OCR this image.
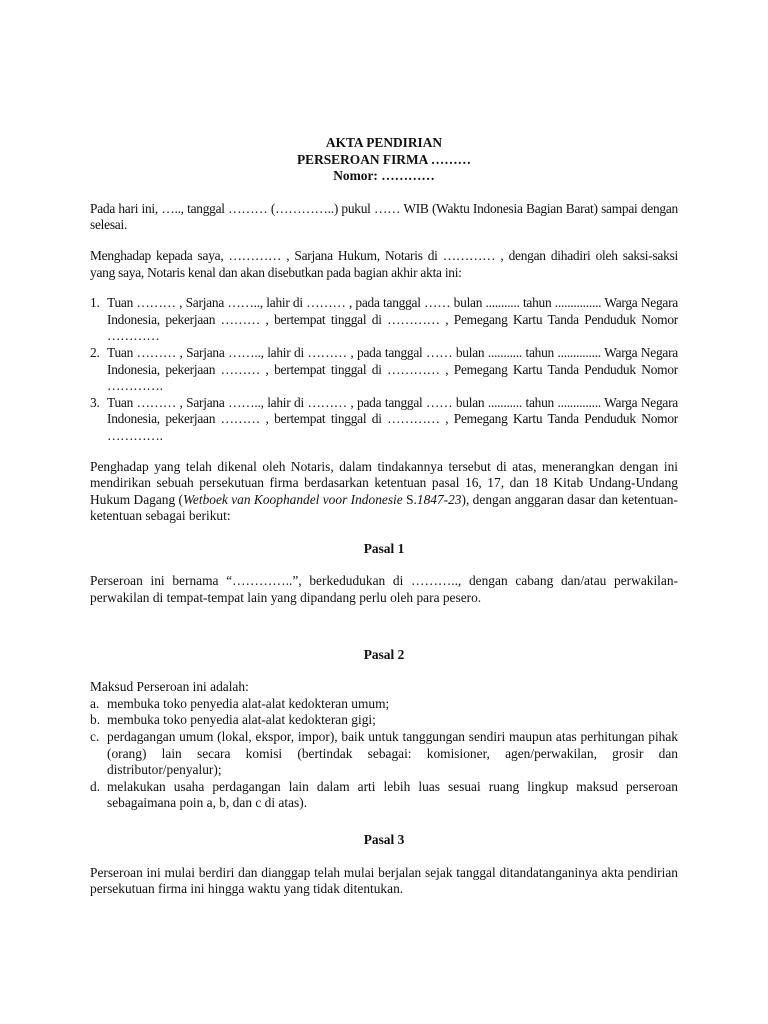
AKTA PENDIRIAN
PERSEROAN FIRMA ………
Nomor: …………
Pada hari ini, ….., tanggal ……… (…………..) pukul …… WIB (Waktu Indonesia Bagian Barat) sampai dengan selesai.
Menghadap kepada saya, ………… , Sarjana Hukum, Notaris di ………… , dengan dihadiri oleh saksi-saksi yang saya, Notaris kenal dan akan disebutkan pada bagian akhir akta ini:
1. Tuan ……… , Sarjana …….., lahir di ……… , pada tanggal …… bulan ........... tahun ............... Warga Negara Indonesia, pekerjaan ……… , bertempat tinggal di ………… , Pemegang Kartu Tanda Penduduk Nomor …………
2. Tuan ……… , Sarjana …….., lahir di ……… , pada tanggal …… bulan ........... tahun .............. Warga Negara Indonesia, pekerjaan ……… , bertempat tinggal di ………… , Pemegang Kartu Tanda Penduduk Nomor ………….
3. Tuan ……… , Sarjana …….., lahir di ……… , pada tanggal …… bulan ........... tahun .............. Warga Negara Indonesia, pekerjaan ……… , bertempat tinggal di ………… , Pemegang Kartu Tanda Penduduk Nomor ………….
Penghadap yang telah dikenal oleh Notaris, dalam tindakannya tersebut di atas, menerangkan dengan ini mendirikan sebuah persekutuan firma berdasarkan ketentuan pasal 16, 17, dan 18 Kitab Undang-Undang Hukum Dagang (Wetboek van Koophandel voor Indonesie S.1847-23), dengan anggaran dasar dan ketentuan-ketentuan sebagai berikut:
Pasal 1
Perseroan ini bernama “…………..”, berkedudukan di ……….., dengan cabang dan/atau perwakilan-perwakilan di tempat-tempat lain yang dipandang perlu oleh para pesero.
Pasal 2
Maksud Perseroan ini adalah:
a. membuka toko penyedia alat-alat kedokteran umum;
b. membuka toko penyedia alat-alat kedokteran gigi;
c. perdagangan umum (lokal, ekspor, impor), baik untuk tanggungan sendiri maupun atas perhitungan pihak (orang) lain secara komisi (bertindak sebagai: komisioner, agen/perwakilan, grosir dan distributor/penyalur);
d. melakukan usaha perdagangan lain dalam arti lebih luas sesuai ruang lingkup maksud perseroan sebagaimana poin a, b, dan c di atas).
Pasal 3
Perseroan ini mulai berdiri dan dianggap telah mulai berjalan sejak tanggal ditandatanganinya akta pendirian persekutuan firma ini hingga waktu yang tidak ditentukan.
